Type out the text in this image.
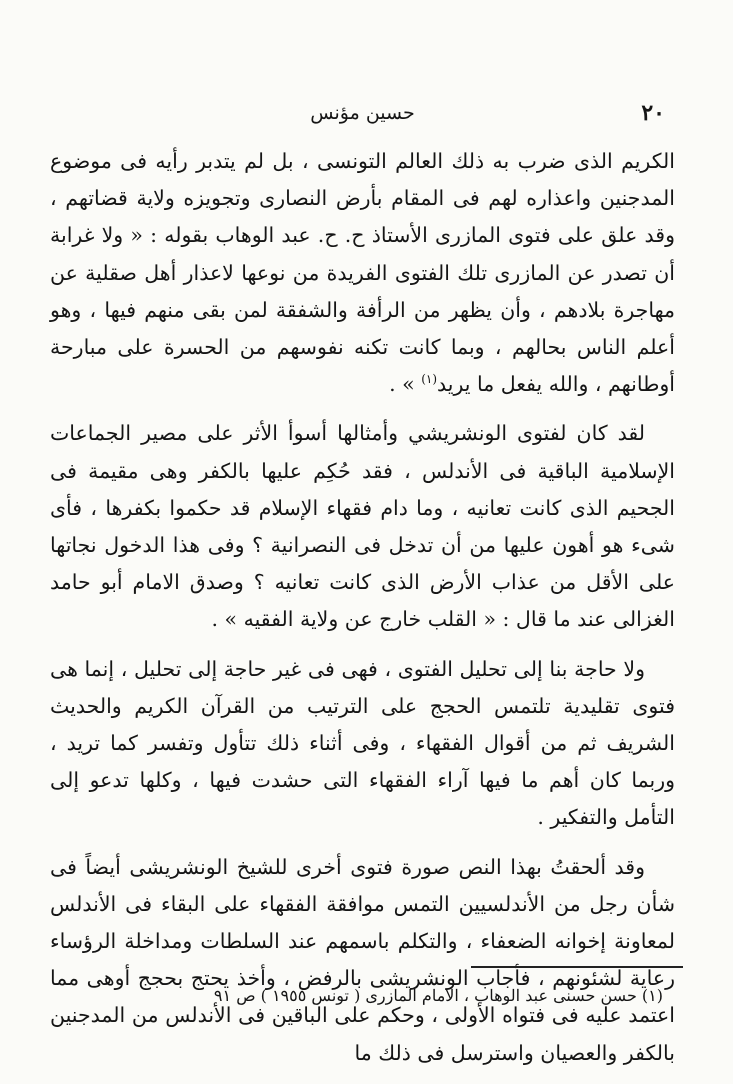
٢٠
حسين مؤنس

الكريم الذى ضرب به ذلك العالم التونسى ، بل لم يتدبر رأيه فى موضوع المدجنين واعذاره لهم فى المقام بأرض النصارى وتجويزه ولاية قضاتهم ، وقد علق على فتوى المازرى الأستاذ ح. ح. عبد الوهاب بقوله : « ولا غرابة أن تصدر عن المازرى تلك الفتوى الفريدة من نوعها لاعذار أهل صقلية عن مهاجرة بلادهم ، وأن يظهر من الرأفة والشفقة لمن بقى منهم فيها ، وهو أعلم الناس بحالهم ، وبما كانت تكنه نفوسهم من الحسرة على مبارحة أوطانهم ، والله يفعل ما يريد$^{(١)}$ » .

لقد كان لفتوى الونشريشي وأمثالها أسوأ الأثر على مصير الجماعات الإسلامية الباقية فى الأندلس ، فقد حُكِم عليها بالكفر وهى مقيمة فى الجحيم الذى كانت تعانيه ، وما دام فقهاء الإسلام قد حكموا بكفرها ، فأى شىء هو أهون عليها من أن تدخل فى النصرانية ؟ وفى هذا الدخول نجاتها على الأقل من عذاب الأرض الذى كانت تعانيه ؟ وصدق الامام أبو حامد الغزالى عند ما قال : « القلب خارج عن ولاية الفقيه » .

ولا حاجة بنا إلى تحليل الفتوى ، فهى فى غير حاجة إلى تحليل ، إنما هى فتوى تقليدية تلتمس الحجج على الترتيب من القرآن الكريم والحديث الشريف ثم من أقوال الفقهاء ، وفى أثناء ذلك تتأول وتفسر كما تريد ، وربما كان أهم ما فيها آراء الفقهاء التى حشدت فيها ، وكلها تدعو إلى التأمل والتفكير .

وقد ألحقتُ بهذا النص صورة فتوى أخرى للشيخ الونشريشى أيضاً فى شأن رجل من الأندلسيين التمس موافقة الفقهاء على البقاء فى الأندلس لمعاونة إخوانه الضعفاء ، والتكلم باسمهم عند السلطات ومداخلة الرؤساء رعاية لشئونهم ، فأجاب الونشريشى بالرفض ، وأخذ يحتج بحجج أوهى مما اعتمد عليه فى فتواه الأولى ، وحكم على الباقين فى الأندلس من المدجنين بالكفر والعصيان واسترسل فى ذلك ما

(١) حسن حسنى عبد الوهاب ، الامام المازرى ( تونس ١٩٥٥ ) ص ٩١
